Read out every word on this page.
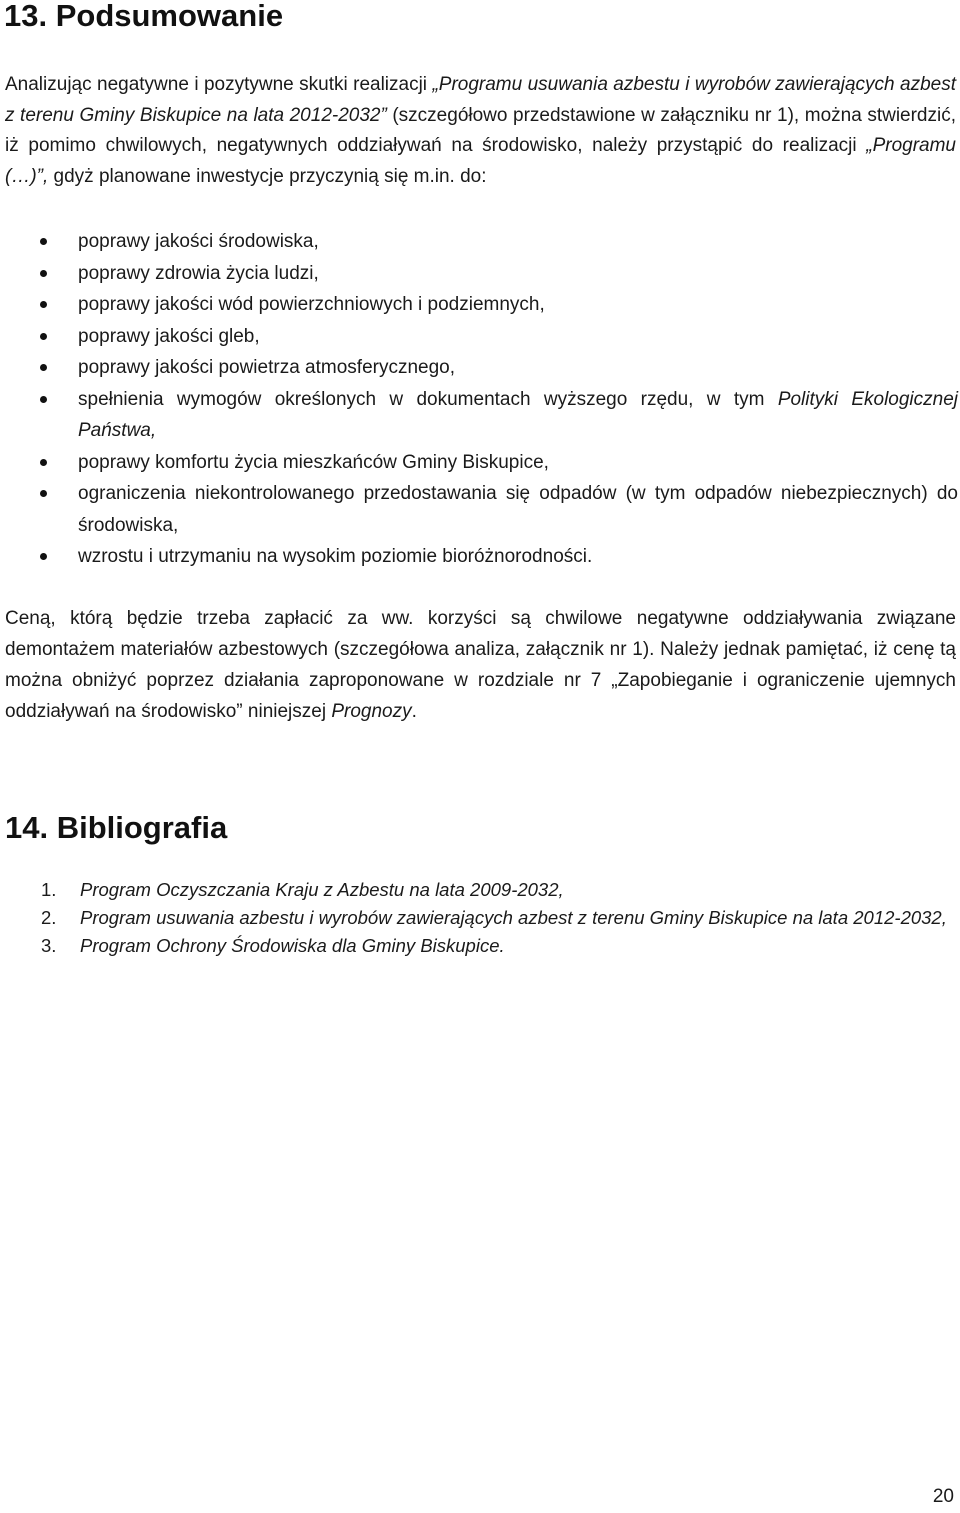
13. Podsumowanie

Analizując negatywne i pozytywne skutki realizacji „Programu usuwania azbestu i wyrobów zawierających azbest z terenu Gminy Biskupice na lata 2012-2032” (szczegółowo przedstawione w załączniku nr 1), można stwierdzić, iż pomimo chwilowych, negatywnych oddziaływań na środowisko, należy przystąpić do realizacji „Programu (…)”, gdyż planowane inwestycje przyczynią się m.in. do:

poprawy jakości środowiska,
poprawy zdrowia życia ludzi,
poprawy jakości wód powierzchniowych i podziemnych,
poprawy jakości gleb,
poprawy jakości powietrza atmosferycznego,
spełnienia wymogów określonych w dokumentach wyższego rzędu, w tym Polityki Ekologicznej Państwa,
poprawy komfortu życia mieszkańców Gminy Biskupice,
ograniczenia niekontrolowanego przedostawania się odpadów (w tym odpadów niebezpiecznych) do środowiska,
wzrostu i utrzymaniu na wysokim poziomie bioróżnorodności.

Ceną, którą będzie trzeba zapłacić za ww. korzyści są chwilowe negatywne oddziaływania związane demontażem materiałów azbestowych (szczegółowa analiza, załącznik nr 1). Należy jednak pamiętać, iż cenę tą można obniżyć poprzez działania zaproponowane w rozdziale nr 7 „Zapobieganie i ograniczenie ujemnych oddziaływań na środowisko” niniejszej Prognozy.

14. Bibliografia
1. Program Oczyszczania Kraju z Azbestu na lata 2009-2032,
2. Program usuwania azbestu i wyrobów zawierających azbest z terenu Gminy Biskupice na lata 2012-2032,
3. Program Ochrony Środowiska dla Gminy Biskupice.
20
